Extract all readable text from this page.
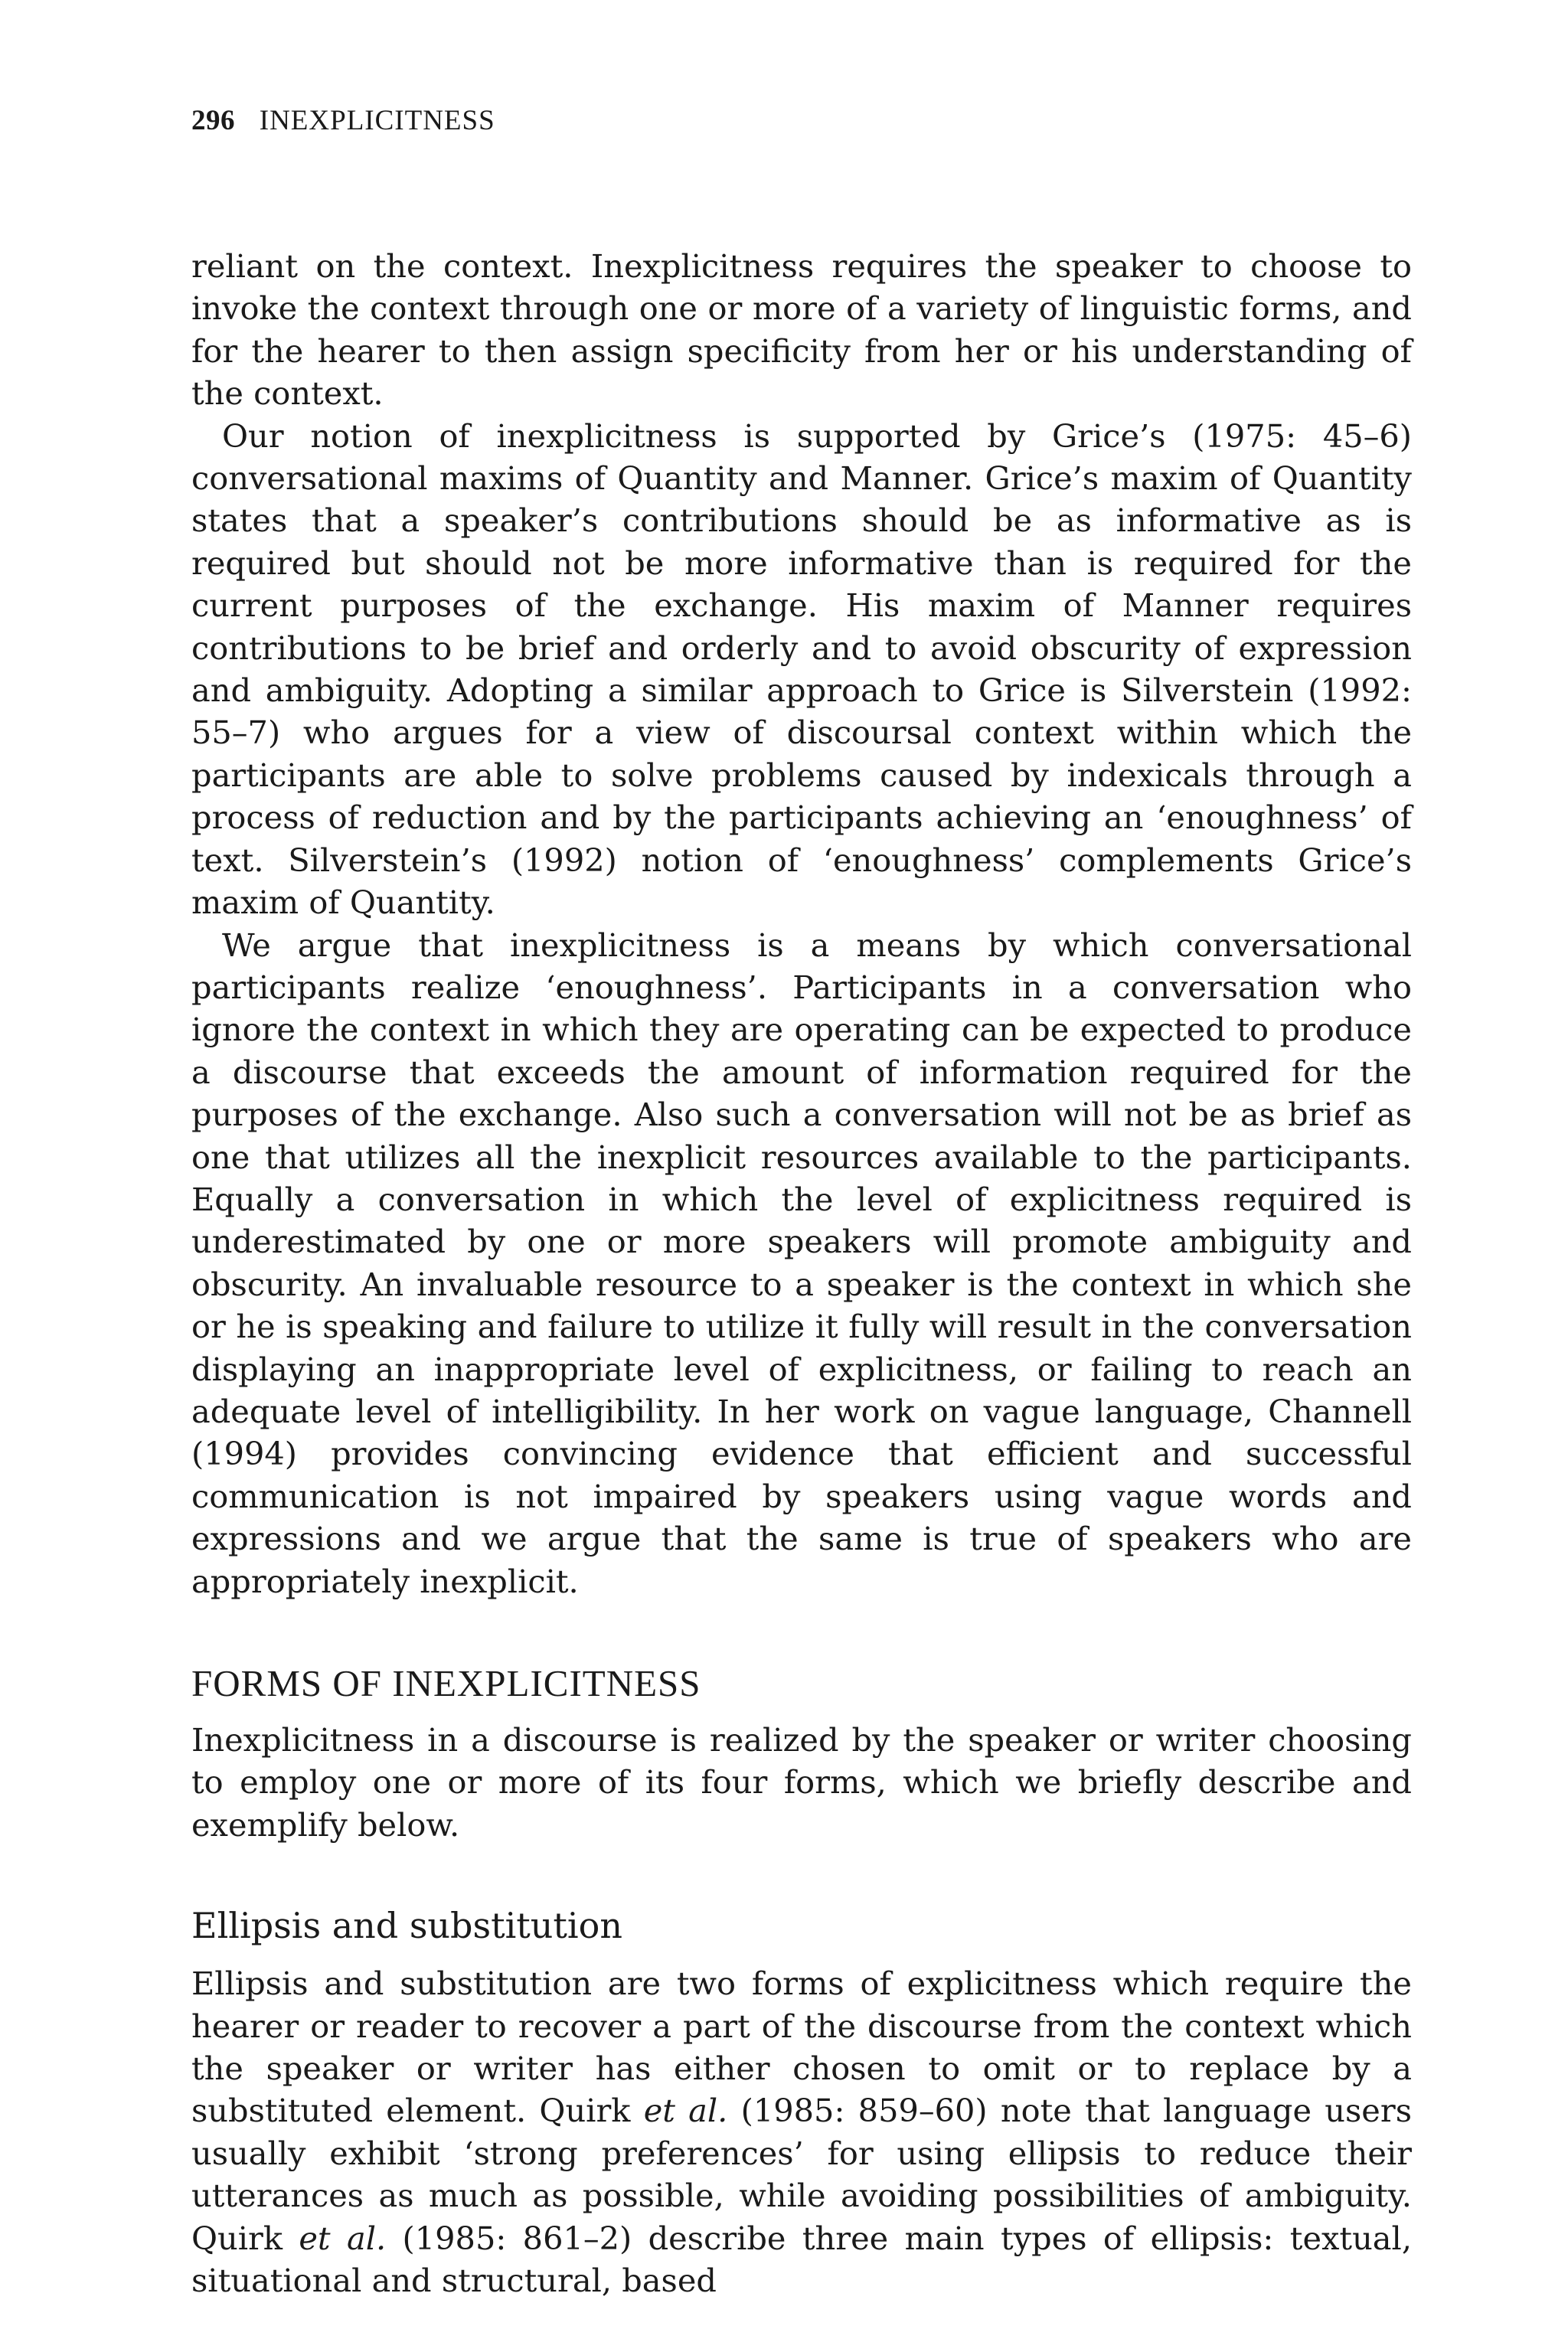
296 INEXPLICITNESS

reliant on the context. Inexplicitness requires the speaker to choose to invoke the context through one or more of a variety of linguistic forms, and for the hearer to then assign specificity from her or his understanding of the context.

Our notion of inexplicitness is supported by Grice’s (1975: 45–6) conversational maxims of Quantity and Manner. Grice’s maxim of Quantity states that a speaker’s contributions should be as informative as is required but should not be more informative than is required for the current purposes of the exchange. His maxim of Manner requires contributions to be brief and orderly and to avoid obscurity of expression and ambiguity. Adopting a similar approach to Grice is Silverstein (1992: 55–7) who argues for a view of discoursal context within which the participants are able to solve problems caused by indexicals through a process of reduction and by the participants achieving an ‘enoughness’ of text. Silverstein’s (1992) notion of ‘enoughness’ complements Grice’s maxim of Quantity.

We argue that inexplicitness is a means by which conversational participants realize ‘enoughness’. Participants in a conversation who ignore the context in which they are operating can be expected to produce a discourse that exceeds the amount of information required for the purposes of the exchange. Also such a conversation will not be as brief as one that utilizes all the inexplicit resources available to the participants. Equally a conversation in which the level of explicitness required is underestimated by one or more speakers will promote ambiguity and obscurity. An invaluable resource to a speaker is the context in which she or he is speaking and failure to utilize it fully will result in the conversation displaying an inappropriate level of explicitness, or failing to reach an adequate level of intelligibility. In her work on vague language, Channell (1994) provides convincing evidence that efficient and successful communication is not impaired by speakers using vague words and expressions and we argue that the same is true of speakers who are appropriately inexplicit.

FORMS OF INEXPLICITNESS

Inexplicitness in a discourse is realized by the speaker or writer choosing to employ one or more of its four forms, which we briefly describe and exemplify below.

Ellipsis and substitution

Ellipsis and substitution are two forms of explicitness which require the hearer or reader to recover a part of the discourse from the context which the speaker or writer has either chosen to omit or to replace by a substituted element. Quirk et al. (1985: 859–60) note that language users usually exhibit ‘strong preferences’ for using ellipsis to reduce their utterances as much as possible, while avoiding possibilities of ambiguity. Quirk et al. (1985: 861–2) describe three main types of ellipsis: textual, situational and structural, based
